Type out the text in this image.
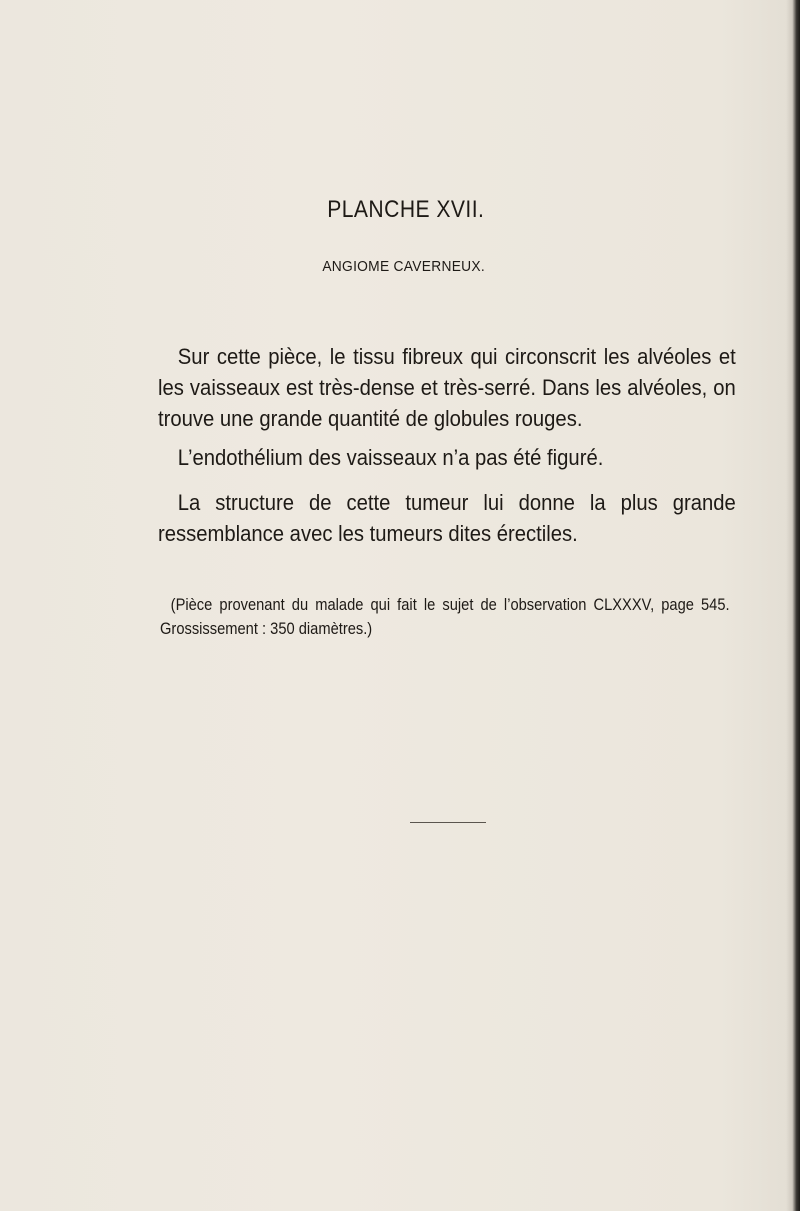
PLANCHE XVII.
ANGIOME CAVERNEUX.
Sur cette pièce, le tissu fibreux qui circonscrit les alvéoles et les vaisseaux est très-dense et très-serré. Dans les alvéoles, on trouve une grande quantité de globules rouges.
L’endothélium des vaisseaux n’a pas été figuré.
La structure de cette tumeur lui donne la plus grande ressemblance avec les tumeurs dites érectiles.
(Pièce provenant du malade qui fait le sujet de l’observation CLXXXV, page 545. Grossissement : 350 diamètres.)
